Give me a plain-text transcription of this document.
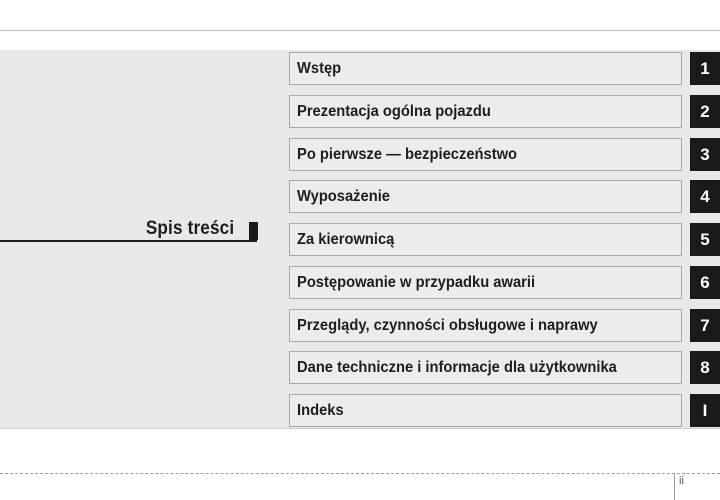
Spis treści
Wstęp	1
Prezentacja ogólna pojazdu	2
Po pierwsze — bezpieczeństwo	3
Wyposażenie	4
Za kierownicą	5
Postępowanie w przypadku awarii	6
Przeglądy, czynności obsługowe i naprawy	7
Dane techniczne i informacje dla użytkownika	8
Indeks	I
ii
